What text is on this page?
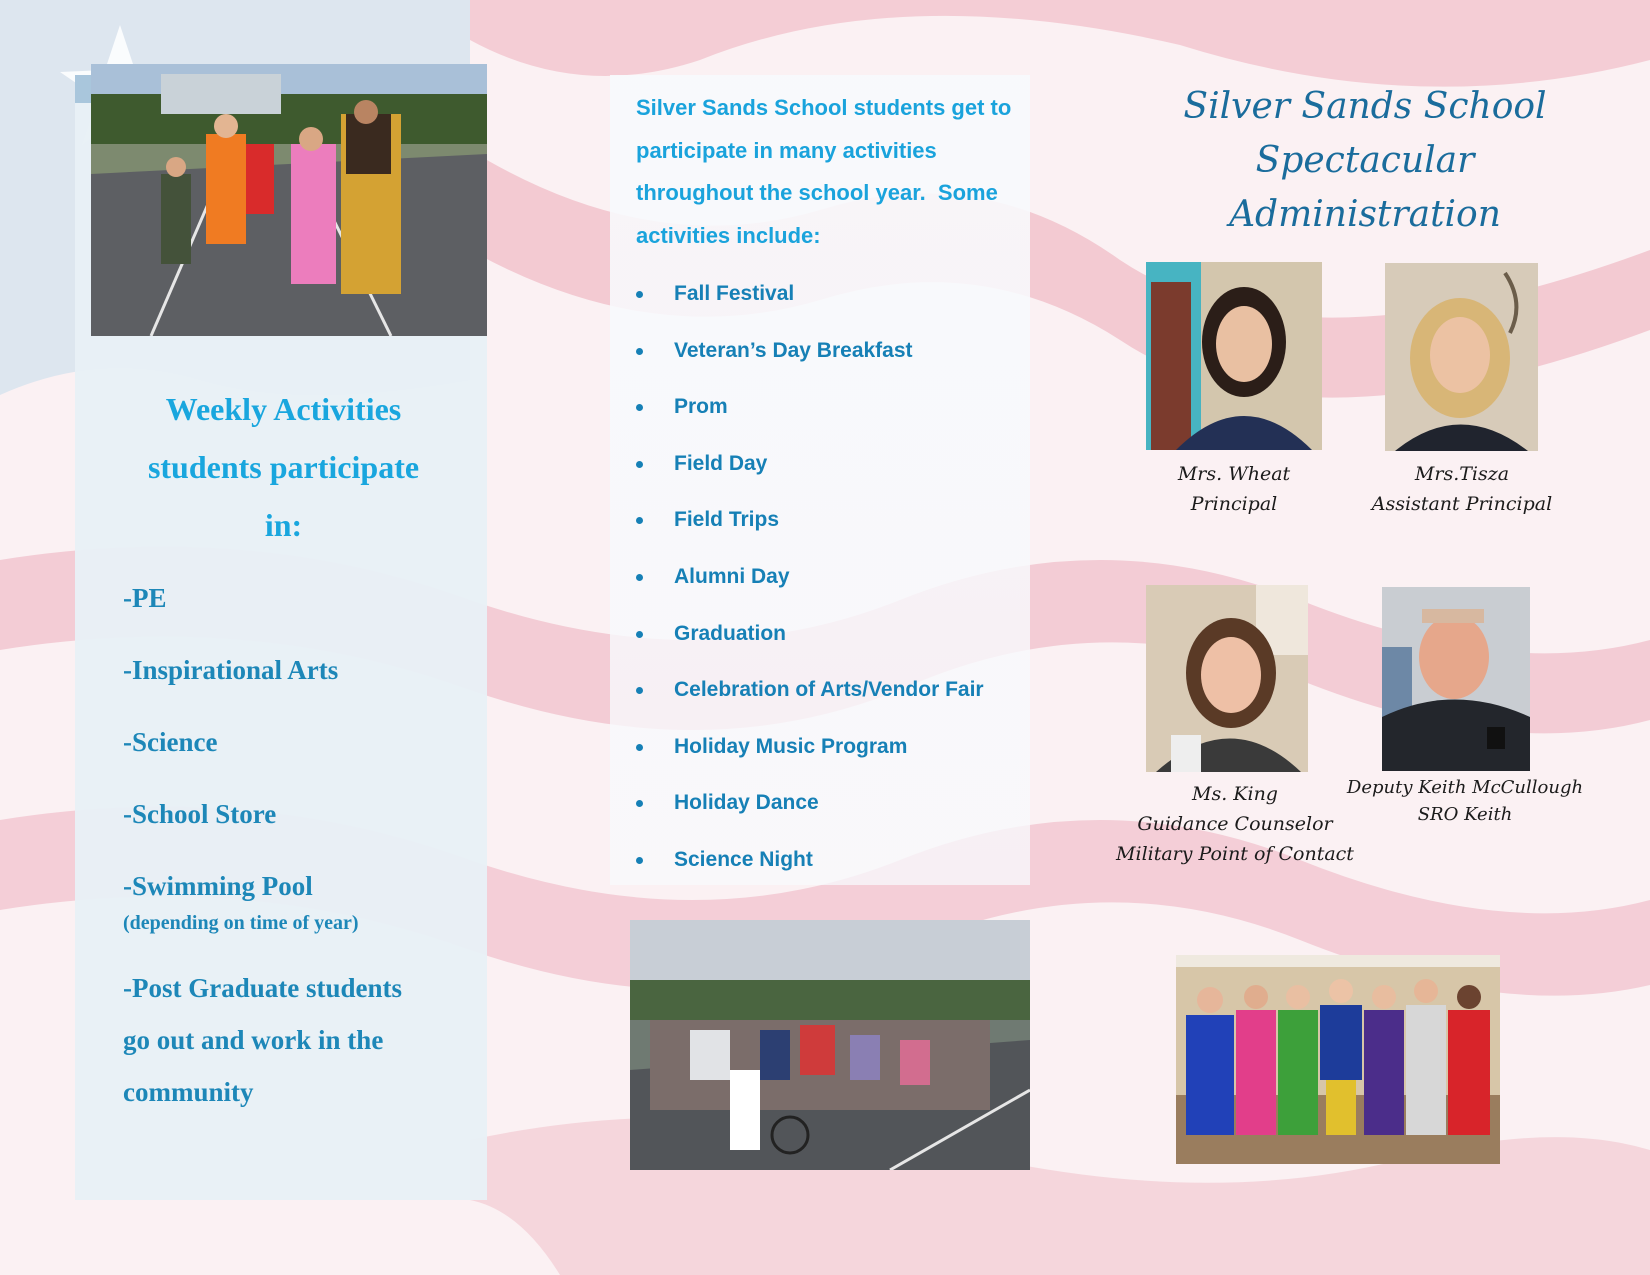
Weekly Activities
students participate
in:
-PE
-Inspirational Arts
-Science
-School Store
-Swimming Pool
(depending on time of year)
-Post Graduate students
go out and work in the
community
Silver Sands School students get to
participate in many activities
throughout the school year.  Some
activities include:
Fall Festival
Veteran’s Day Breakfast
Prom
Field Day
Field Trips
Alumni Day
Graduation
Celebration of Arts/Vendor Fair
Holiday Music Program
Holiday Dance
Science Night
Silver Sands School Spectacular
Administration
Mrs. Wheat
Principal
Mrs.Tisza
Assistant Principal
Ms. King
Guidance Counselor
Military Point of Contact
Deputy Keith McCullough
SRO Keith
